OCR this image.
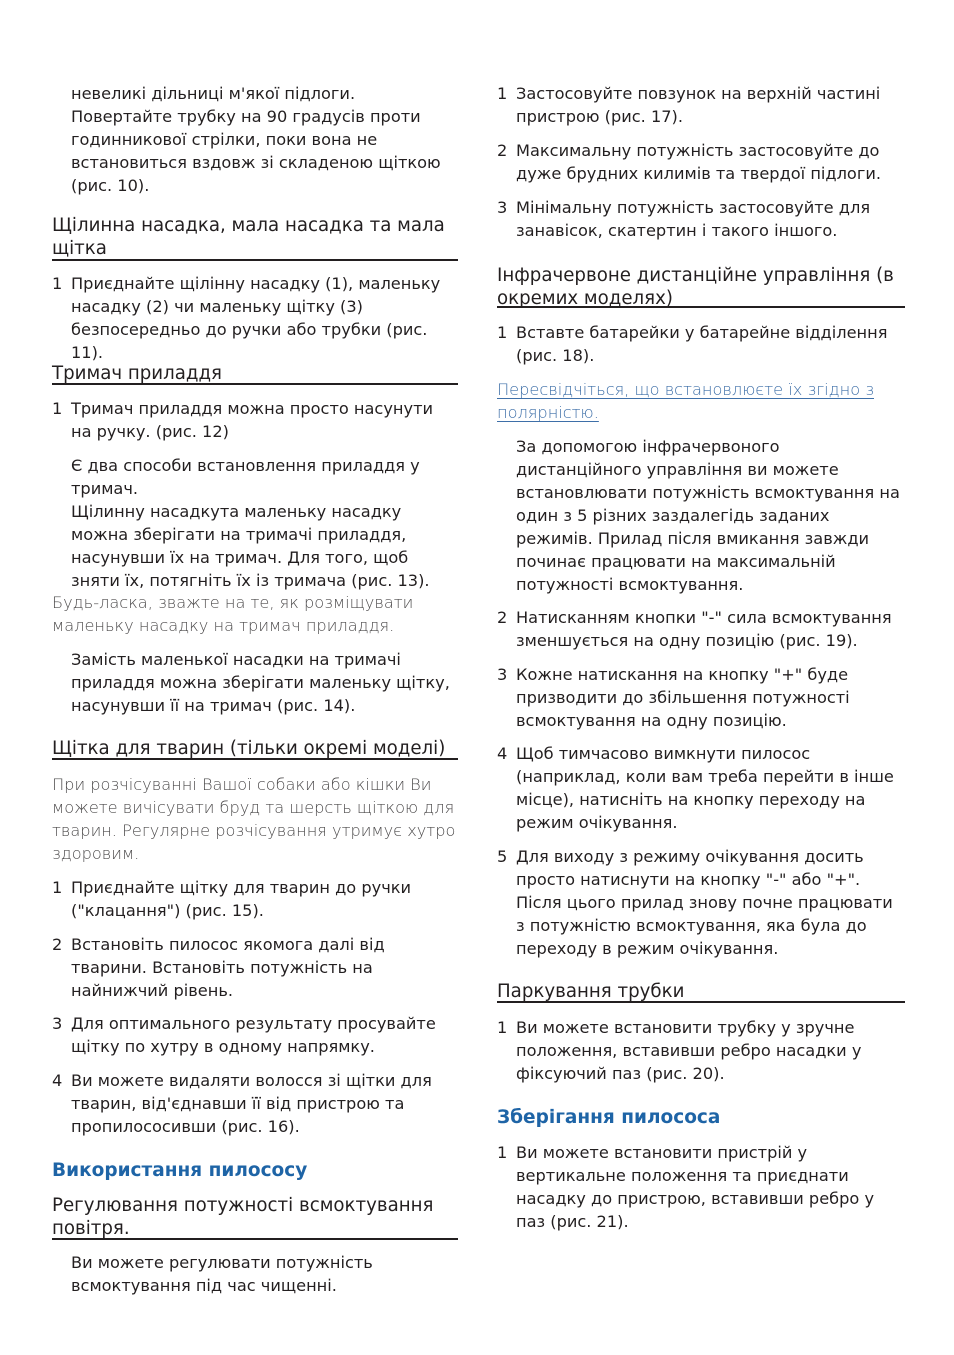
невеликі дільниці м'якої підлоги.
Повертайте трубку на 90 градусів проти годинникової стрілки, поки вона не встановиться вздовж зі складеною щіткою (рис. 10).
Щілинна насадка, мала насадка та мала щітка
1 Приєднайте щілінну насадку (1), маленьку насадку (2) чи маленьку щітку (3) безпосередньо до ручки або трубки (рис. 11).
Тримач приладдя
1 Тримач приладдя можна просто насунути на ручку. (рис. 12)
Є два способи встановлення приладдя у тримач.
Щілинну насадкута маленьку насадку можна зберігати на тримачі приладдя, насунувши їх на тримач. Для того, щоб зняти їх, потягніть їх із тримача (рис. 13).
Будь-ласка, зважте на те, як розміщувати маленьку насадку на тримач приладдя.
Замість маленької насадки на тримачі приладдя можна зберігати маленьку щітку, насунувши її на тримач (рис. 14).
Щітка для тварин (тільки окремі моделі)
При розчісуванні Вашої собаки або кішки Ви можете вичісувати бруд та шерсть щіткою для тварин. Регулярне розчісування утримує хутро здоровим.
1 Приєднайте щітку для тварин до ручки ("клацання") (рис. 15).
2 Встановіть пилосос якомога далі від тварини. Встановіть потужність на найнижчий рівень.
3 Для оптимального результату просувайте щітку по хутру в одному напрямку.
4 Ви можете видаляти волосся зі щітки для тварин, від'єднавши її від пристрою та пропилососивши (рис. 16).
Використання пилососу
Регулювання потужності всмоктування повітря.
Ви можете регулювати потужність всмоктування під час чищенні.
1 Застосовуйте повзунок на верхній частині пристрою (рис. 17).
2 Максимальну потужність застосовуйте до дуже брудних килимів та твердої підлоги.
3 Мінімальну потужність застосовуйте для занавісок, скатертин і такого іншого.
Інфрачервоне дистанційне управління (в окремих моделях)
1 Вставте батарейки у батарейне відділення (рис. 18).
Пересвідчіться, що встановлюєте їх згідно з полярністю.
За допомогою інфрачервоного дистанційного управління ви можете встановлювати потужність всмоктування на один з 5 різних заздалегідь заданих режимів. Прилад після вмикання завжди починає працювати на максимальній потужності всмоктування.
2 Натисканням кнопки "-" сила всмоктування зменшується на одну позицію (рис. 19).
3 Кожне натискання на кнопку "+" буде призводити до збільшення потужності всмоктування на одну позицію.
4 Щоб тимчасово вимкнути пилосос (наприклад, коли вам треба перейти в інше місце), натисніть на кнопку переходу на режим очікування.
5 Для виходу з режиму очікування досить просто натиснути на кнопку "-" або "+". Після цього прилад знову почне працювати з потужністю всмоктування, яка була до переходу в режим очікування.
Паркування трубки
1 Ви можете встановити трубку у зручне положення, вставивши ребро насадки у фіксуючий паз (рис. 20).
Зберігання пилососа
1 Ви можете встановити пристрій у вертикальне положення та приєднати насадку до пристрою, вставивши ребро у паз (рис. 21).
